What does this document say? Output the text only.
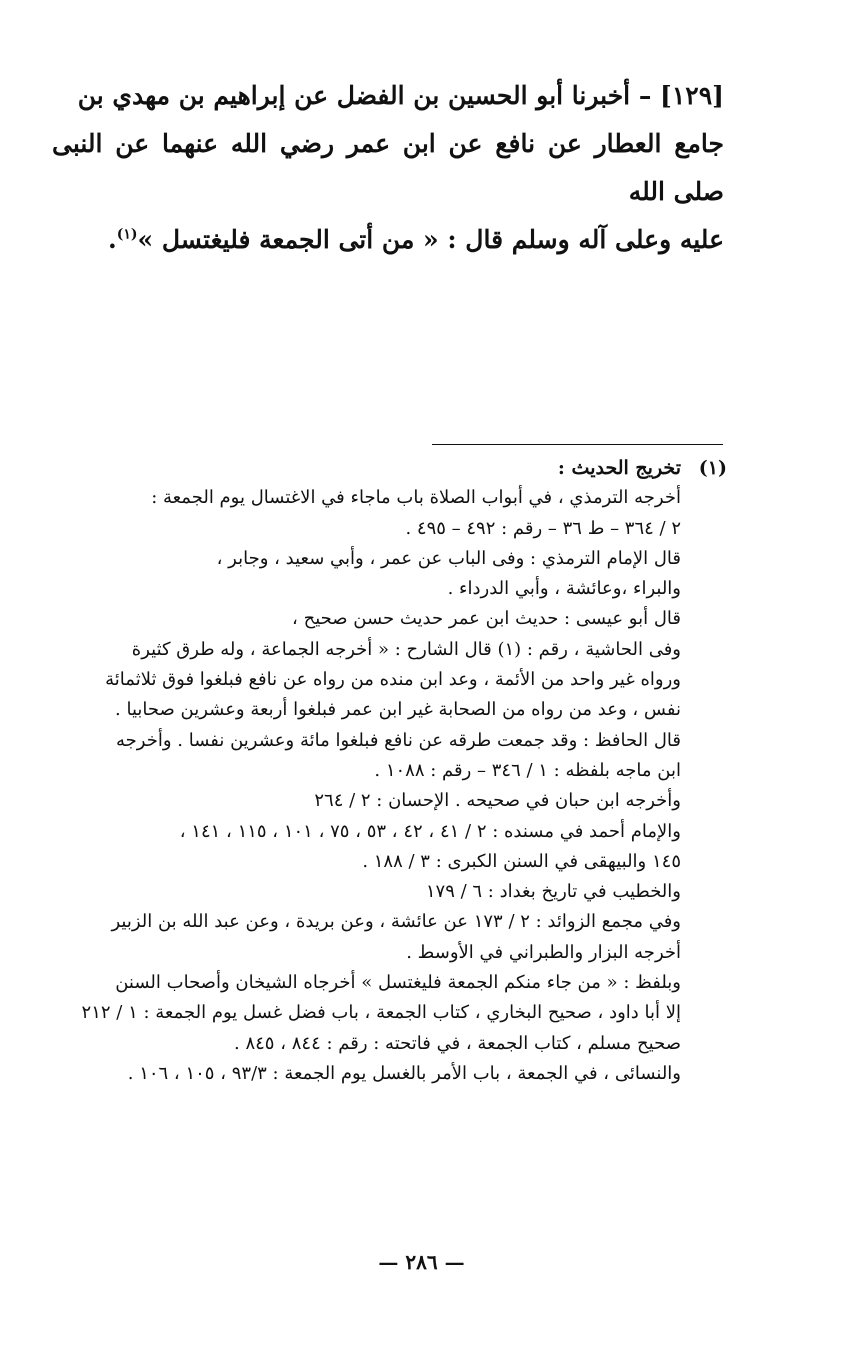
[١٢٩] – أخبرنا أبو الحسين بن الفضل عن إبراهيم بن مهدي بن

جامع العطار عن نافع عن ابن عمر رضي الله عنهما عن النبى صلى الله

عليه وعلى آله وسلم قال : « من أتى الجمعة فليغتسل »$^{(١)}$.

(١)
تخريج الحديث :

أخرجه الترمذي ، في أبواب الصلاة باب ماجاء في الاغتسال يوم الجمعة :

٢ / ٣٦٤ – ط ٣٦ – رقم : ٤٩٢ – ٤٩٥ .

قال الإمام الترمذي : وفى الباب عن عمر ، وأبي سعيد ، وجابر ،

والبراء ،وعائشة ، وأبي الدرداء .

قال أبو عيسى : حديث ابن عمر حديث حسن صحيح ،

وفى الحاشية ، رقم : (١) قال الشارح : « أخرجه الجماعة ، وله طرق كثيرة

ورواه غير واحد من الأئمة ، وعد ابن منده من رواه عن نافع فبلغوا فوق ثلاثمائة

نفس ، وعد من رواه من الصحابة غير ابن عمر فبلغوا أربعة وعشرين صحابيا .

قال الحافظ : وقد جمعت طرقه عن نافع فبلغوا مائة وعشرين نفسا . وأخرجه

ابن ماجه بلفظه : ١ / ٣٤٦ – رقم : ١٠٨٨ .

وأخرجه ابن حبان في صحيحه . الإحسان : ٢ / ٢٦٤

والإمام أحمد في مسنده : ٢ / ٤١ ، ٤٢ ، ٥٣ ، ٧٥ ، ١٠١ ، ١١٥ ، ١٤١ ،

١٤٥ والبيهقى في السنن الكبرى : ٣ / ١٨٨ .

والخطيب في تاريخ بغداد : ٦ / ١٧٩

وفي مجمع الزوائد : ٢ / ١٧٣ عن عائشة ، وعن بريدة ، وعن عبد الله بن الزبير

أخرجه البزار والطبراني في الأوسط .

وبلفظ : « من جاء منكم الجمعة فليغتسل » أخرجاه الشيخان وأصحاب السنن

إلا أبا داود ، صحيح البخاري ، كتاب الجمعة ، باب فضل غسل يوم الجمعة : ١ / ٢١٢

صحيح مسلم ، كتاب الجمعة ، في فاتحته : رقم : ٨٤٤ ، ٨٤٥ .

والنسائى ، في الجمعة ، باب الأمر بالغسل يوم الجمعة : ٩٣/٣ ، ١٠٥ ، ١٠٦ .

— ٢٨٦ —
